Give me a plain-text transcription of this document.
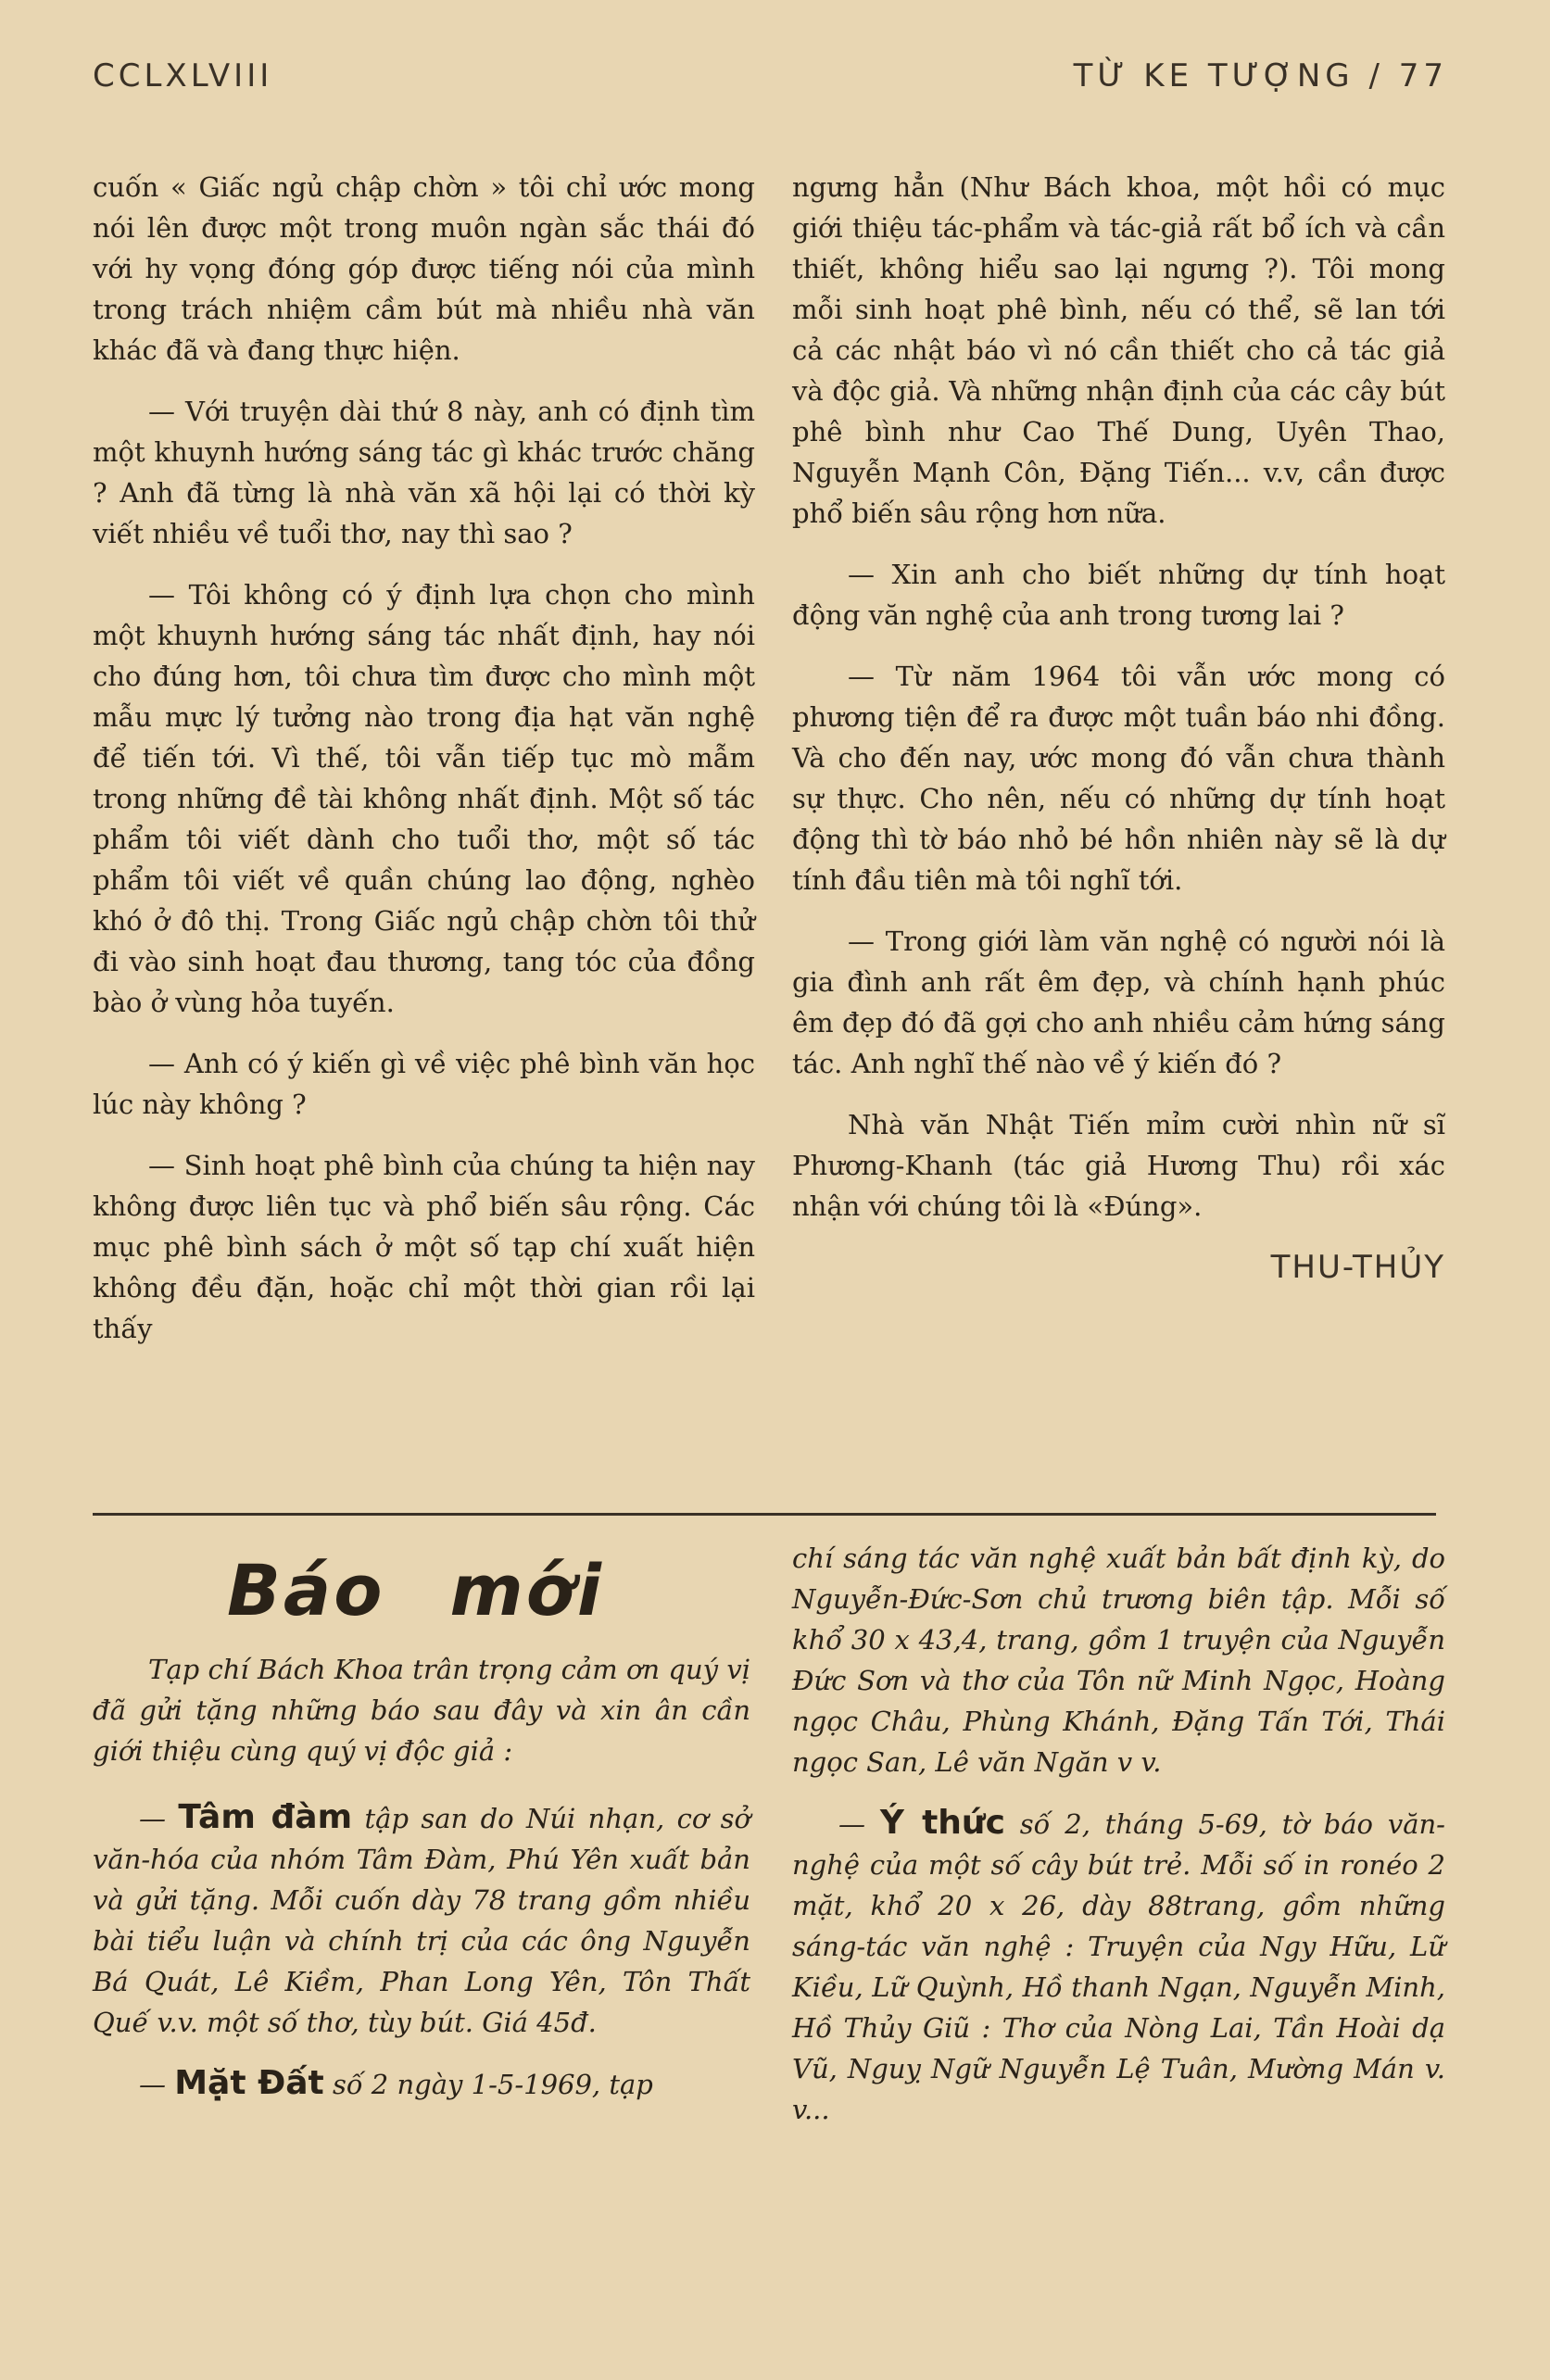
CCLXLVIII	TỪ KE TƯỢNG / 77

cuốn « Giấc ngủ chập chờn » tôi chỉ ước mong nói lên được một trong muôn ngàn sắc thái đó với hy vọng đóng góp được tiếng nói của mình trong trách nhiệm cầm bút mà nhiều nhà văn khác đã và đang thực hiện.

— Với truyện dài thứ 8 này, anh có định tìm một khuynh hướng sáng tác gì khác trước chăng ? Anh đã từng là nhà văn xã hội lại có thời kỳ viết nhiều về tuổi thơ, nay thì sao ?

— Tôi không có ý định lựa chọn cho mình một khuynh hướng sáng tác nhất định, hay nói cho đúng hơn, tôi chưa tìm được cho mình một mẫu mực lý tưởng nào trong địa hạt văn nghệ để tiến tới. Vì thế, tôi vẫn tiếp tục mò mẫm trong những đề tài không nhất định. Một số tác phẩm tôi viết dành cho tuổi thơ, một số tác phẩm tôi viết về quần chúng lao động, nghèo khó ở đô thị. Trong Giấc ngủ chập chờn tôi thử đi vào sinh hoạt đau thương, tang tóc của đồng bào ở vùng hỏa tuyến.

— Anh có ý kiến gì về việc phê bình văn học lúc này không ?

— Sinh hoạt phê bình của chúng ta hiện nay không được liên tục và phổ biến sâu rộng. Các mục phê bình sách ở một số tạp chí xuất hiện không đều đặn, hoặc chỉ một thời gian rồi lại thấy

ngưng hẳn (Như Bách khoa, một hồi có mục giới thiệu tác-phẩm và tác-giả rất bổ ích và cần thiết, không hiểu sao lại ngưng ?). Tôi mong mỗi sinh hoạt phê bình, nếu có thể, sẽ lan tới cả các nhật báo vì nó cần thiết cho cả tác giả và độc giả. Và những nhận định của các cây bút phê bình như Cao Thế Dung, Uyên Thao, Nguyễn Mạnh Côn, Đặng Tiến... v.v, cần được phổ biến sâu rộng hơn nữa.

— Xin anh cho biết những dự tính hoạt động văn nghệ của anh trong tương lai ?

— Từ năm 1964 tôi vẫn ước mong có phương tiện để ra được một tuần báo nhi đồng. Và cho đến nay, ước mong đó vẫn chưa thành sự thực. Cho nên, nếu có những dự tính hoạt động thì tờ báo nhỏ bé hồn nhiên này sẽ là dự tính đầu tiên mà tôi nghĩ tới.

— Trong giới làm văn nghệ có người nói là gia đình anh rất êm đẹp, và chính hạnh phúc êm đẹp đó đã gợi cho anh nhiều cảm hứng sáng tác. Anh nghĩ thế nào về ý kiến đó ?

Nhà văn Nhật Tiến mỉm cười nhìn nữ sĩ Phương-Khanh (tác giả Hương Thu) rồi xác nhận với chúng tôi là «Đúng».

THU-THỦY
Báo mới

Tạp chí Bách Khoa trân trọng cảm ơn quý vị đã gửi tặng những báo sau đây và xin ân cần giới thiệu cùng quý vị độc giả :

— Tâm đàm tập san do Núi nhạn, cơ sở văn-hóa của nhóm Tâm Đàm, Phú Yên xuất bản và gửi tặng. Mỗi cuốn dày 78 trang gồm nhiều bài tiểu luận và chính trị của các ông Nguyễn Bá Quát, Lê Kiềm, Phan Long Yên, Tôn Thất Quế v.v. một số thơ, tùy bút. Giá 45đ.

— Mặt Đất số 2 ngày 1-5-1969, tạp

chí sáng tác văn nghệ xuất bản bất định kỳ, do Nguyễn-Đức-Sơn chủ trương biên tập. Mỗi số khổ 30 x 43,4, trang, gồm 1 truyện của Nguyễn Đức Sơn và thơ của Tôn nữ Minh Ngọc, Hoàng ngọc Châu, Phùng Khánh, Đặng Tấn Tới, Thái ngọc San, Lê văn Ngăn v v.

— Ý thức số 2, tháng 5-69, tờ báo văn-nghệ của một số cây bút trẻ. Mỗi số in ronéo 2 mặt, khổ 20 x 26, dày 88trang, gồm những sáng-tác văn nghệ : Truyện của Ngy Hữu, Lữ Kiều, Lữ Quỳnh, Hồ thanh Ngạn, Nguyễn Minh, Hồ Thủy Giũ : Thơ của Nòng Lai, Tần Hoài dạ Vũ, Nguỵ Ngữ Nguyễn Lệ Tuân, Mường Mán v. v...
